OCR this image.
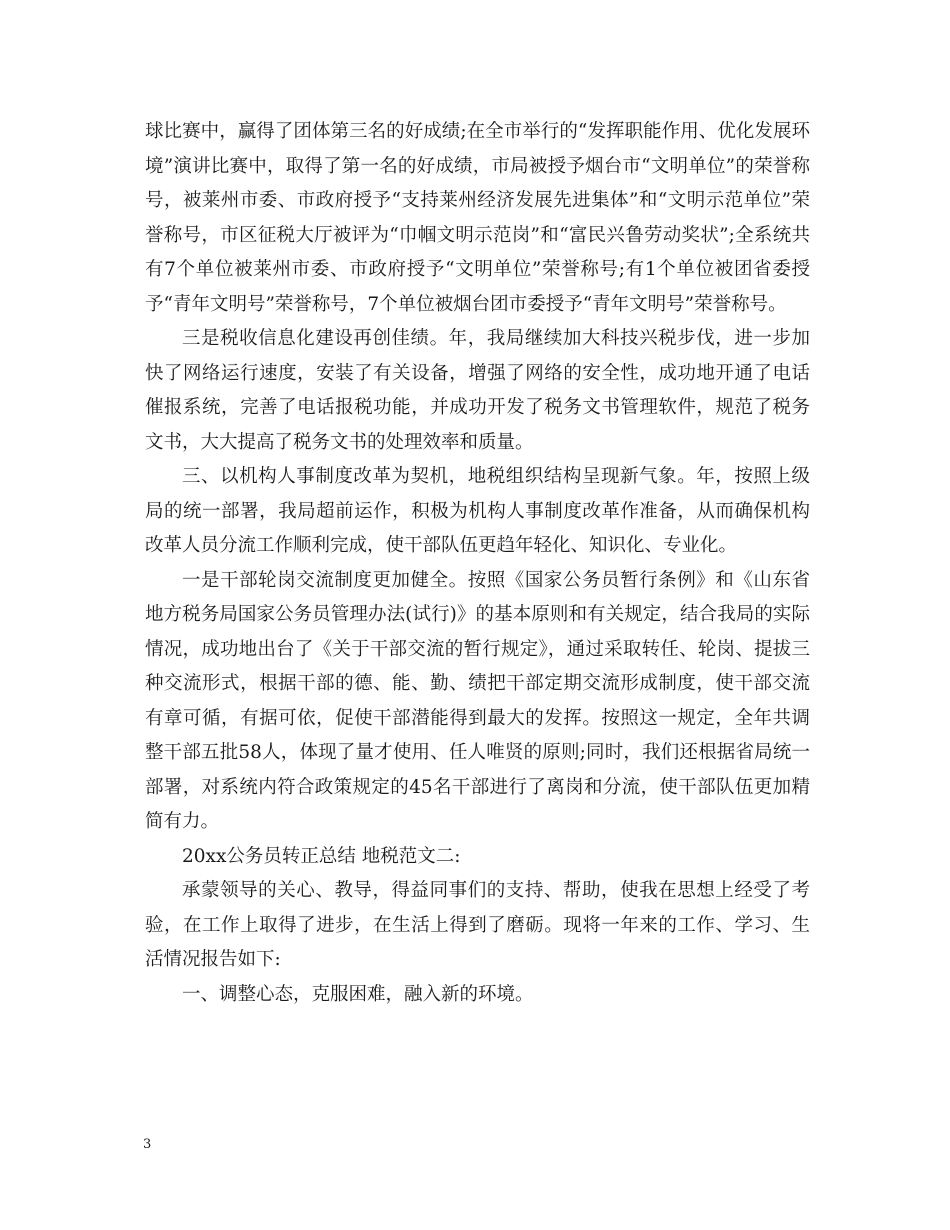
球比赛中，赢得了团体第三名的好成绩;在全市举行的“发挥职能作用、优化发展环境”演讲比赛中，取得了第一名的好成绩，市局被授予烟台市“文明单位”的荣誉称号，被莱州市委、市政府授予“支持莱州经济发展先进集体”和“文明示范单位”荣誉称号，市区征税大厅被评为“巾帼文明示范岗”和“富民兴鲁劳动奖状”;全系统共有7个单位被莱州市委、市政府授予“文明单位”荣誉称号;有1个单位被团省委授予“青年文明号”荣誉称号，7个单位被烟台团市委授予“青年文明号”荣誉称号。

三是税收信息化建设再创佳绩。年，我局继续加大科技兴税步伐，进一步加快了网络运行速度，安装了有关设备，增强了网络的安全性，成功地开通了电话催报系统，完善了电话报税功能，并成功开发了税务文书管理软件，规范了税务文书，大大提高了税务文书的处理效率和质量。

三、以机构人事制度改革为契机，地税组织结构呈现新气象。年，按照上级局的统一部署，我局超前运作，积极为机构人事制度改革作准备，从而确保机构改革人员分流工作顺利完成，使干部队伍更趋年轻化、知识化、专业化。

一是干部轮岗交流制度更加健全。按照《国家公务员暂行条例》和《山东省地方税务局国家公务员管理办法(试行)》的基本原则和有关规定，结合我局的实际情况，成功地出台了《关于干部交流的暂行规定》，通过采取转任、轮岗、提拔三种交流形式，根据干部的德、能、勤、绩把干部定期交流形成制度，使干部交流有章可循，有据可依，促使干部潜能得到最大的发挥。按照这一规定，全年共调整干部五批58人，体现了量才使用、任人唯贤的原则;同时，我们还根据省局统一部署，对系统内符合政策规定的45名干部进行了离岗和分流，使干部队伍更加精简有力。

20xx公务员转正总结 地税范文二:

承蒙领导的关心、教导，得益同事们的支持、帮助，使我在思想上经受了考验，在工作上取得了进步，在生活上得到了磨砺。现将一年来的工作、学习、生活情况报告如下:

一、调整心态，克服困难，融入新的环境。

3
